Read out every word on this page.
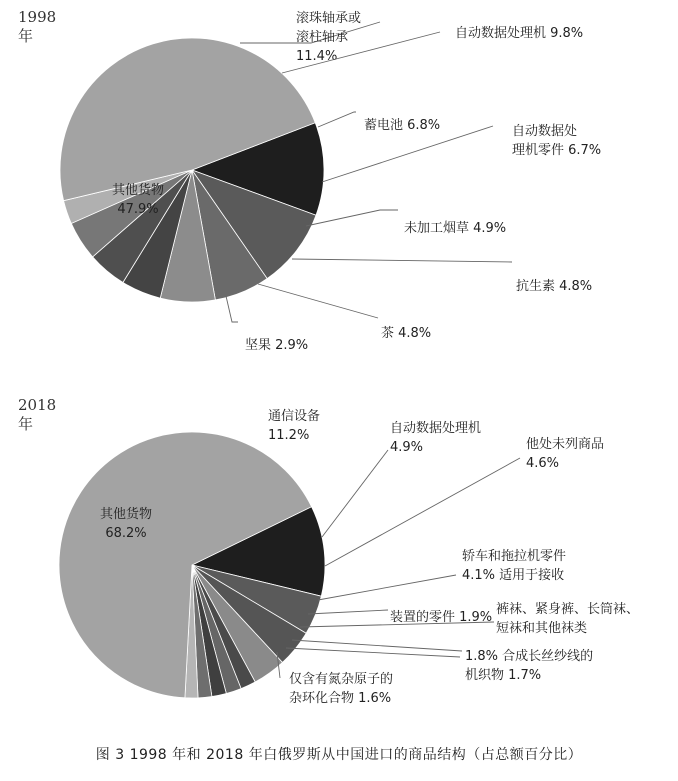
1998 年
滚珠轴承或滚柱轴承 11.4%
自动数据处理机 9.8%
蓄电池 6.8%	自动数据处理机零件 6.7%
未加工烟草 4.9%
抗生素 4.8%
茶 4.8%
坚果 2.9%
其他货物 47.9%
2018 年	通信设备 11.2%	自动数据处理机 4.9%	他处未列商品 4.6%
轿车和拖拉机零件 4.1% 适用于接收
装置的零件 1.9%
裤袜、紧身裤、长筒袜、短袜和其他袜类
1.8% 合成长丝纱线的机织物 1.7%
仅含有氮杂原子的杂环化合物 1.6%
其他货物 68.2%
图 3 1998 年和 2018 年白俄罗斯从中国进口的商品结构（占总额百分比）
